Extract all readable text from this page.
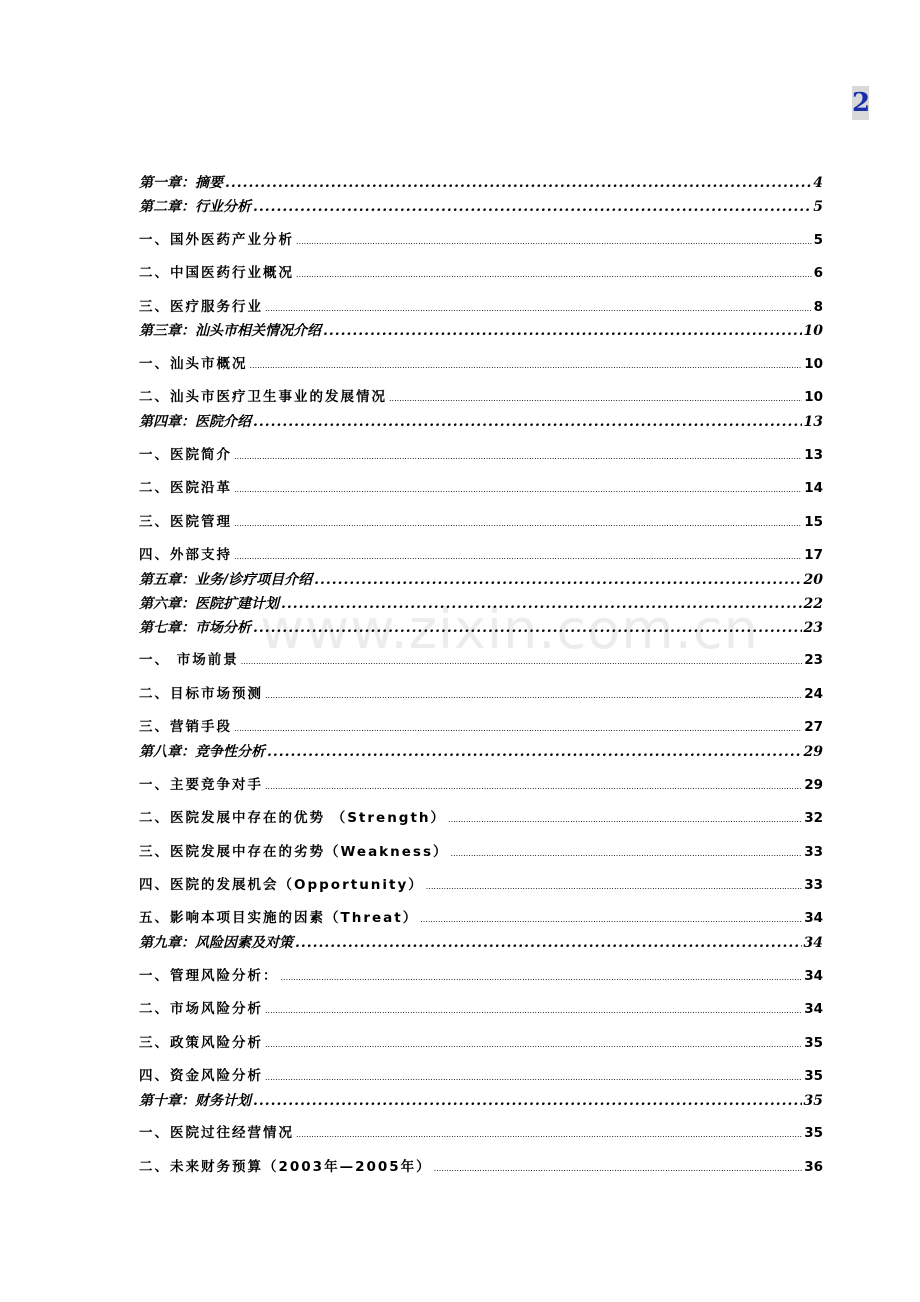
2
www.zixin.com.cn
第一章：摘要 .....	4
第二章：行业分析 .....	5
一、国外医药产业分析 .....	5
二、中国医药行业概况 .....	6
三、医疗服务行业 .....	8
第三章：汕头市相关情况介绍 .....	10
一、汕头市概况 .....	10
二、汕头市医疗卫生事业的发展情况 .....	10
第四章：医院介绍 .....	13
一、医院简介 .....	13
二、医院沿革 .....	14
三、医院管理 .....	15
四、外部支持 .....	17
第五章：业务/诊疗项目介绍 .....	20
第六章：医院扩建计划 .....	22
第七章：市场分析 .....	23
一、 市场前景 .....	23
二、目标市场预测 .....	24
三、营销手段 .....	27
第八章：竞争性分析 .....	29
一、主要竞争对手 .....	29
二、医院发展中存在的优势 （Strength） .....	32
三、医院发展中存在的劣势（Weakness） .....	33
四、医院的发展机会（Opportunity） .....	33
五、影响本项目实施的因素（Threat） .....	34
第九章：风险因素及对策 .....	34
一、管理风险分析： .....	34
二、市场风险分析 .....	34
三、政策风险分析 .....	35
四、资金风险分析 .....	35
第十章：财务计划 .....	35
一、医院过往经营情况 .....	35
二、未来财务预算（2003年—2005年） .....	36
